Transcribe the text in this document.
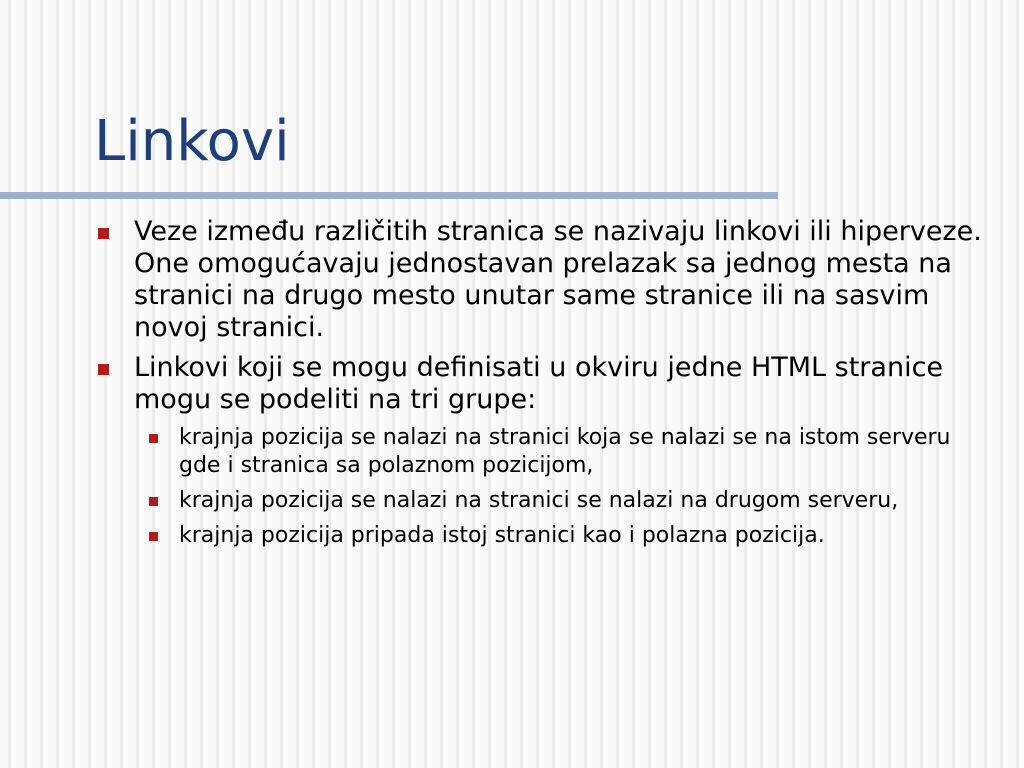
Linkovi
Veze između različitih stranica se nazivaju linkovi ili hiperveze. One omogućavaju jednostavan prelazak sa jednog mesta na stranici na drugo mesto unutar same stranice ili na sasvim novoj stranici.
Linkovi koji se mogu definisati u okviru jedne HTML stranice mogu se podeliti na tri grupe:
krajnja pozicija se nalazi na stranici koja se nalazi se na istom serveru gde i stranica sa polaznom pozicijom,
krajnja pozicija se nalazi na stranici se nalazi na drugom serveru,
krajnja pozicija pripada istoj stranici kao i polazna pozicija.
